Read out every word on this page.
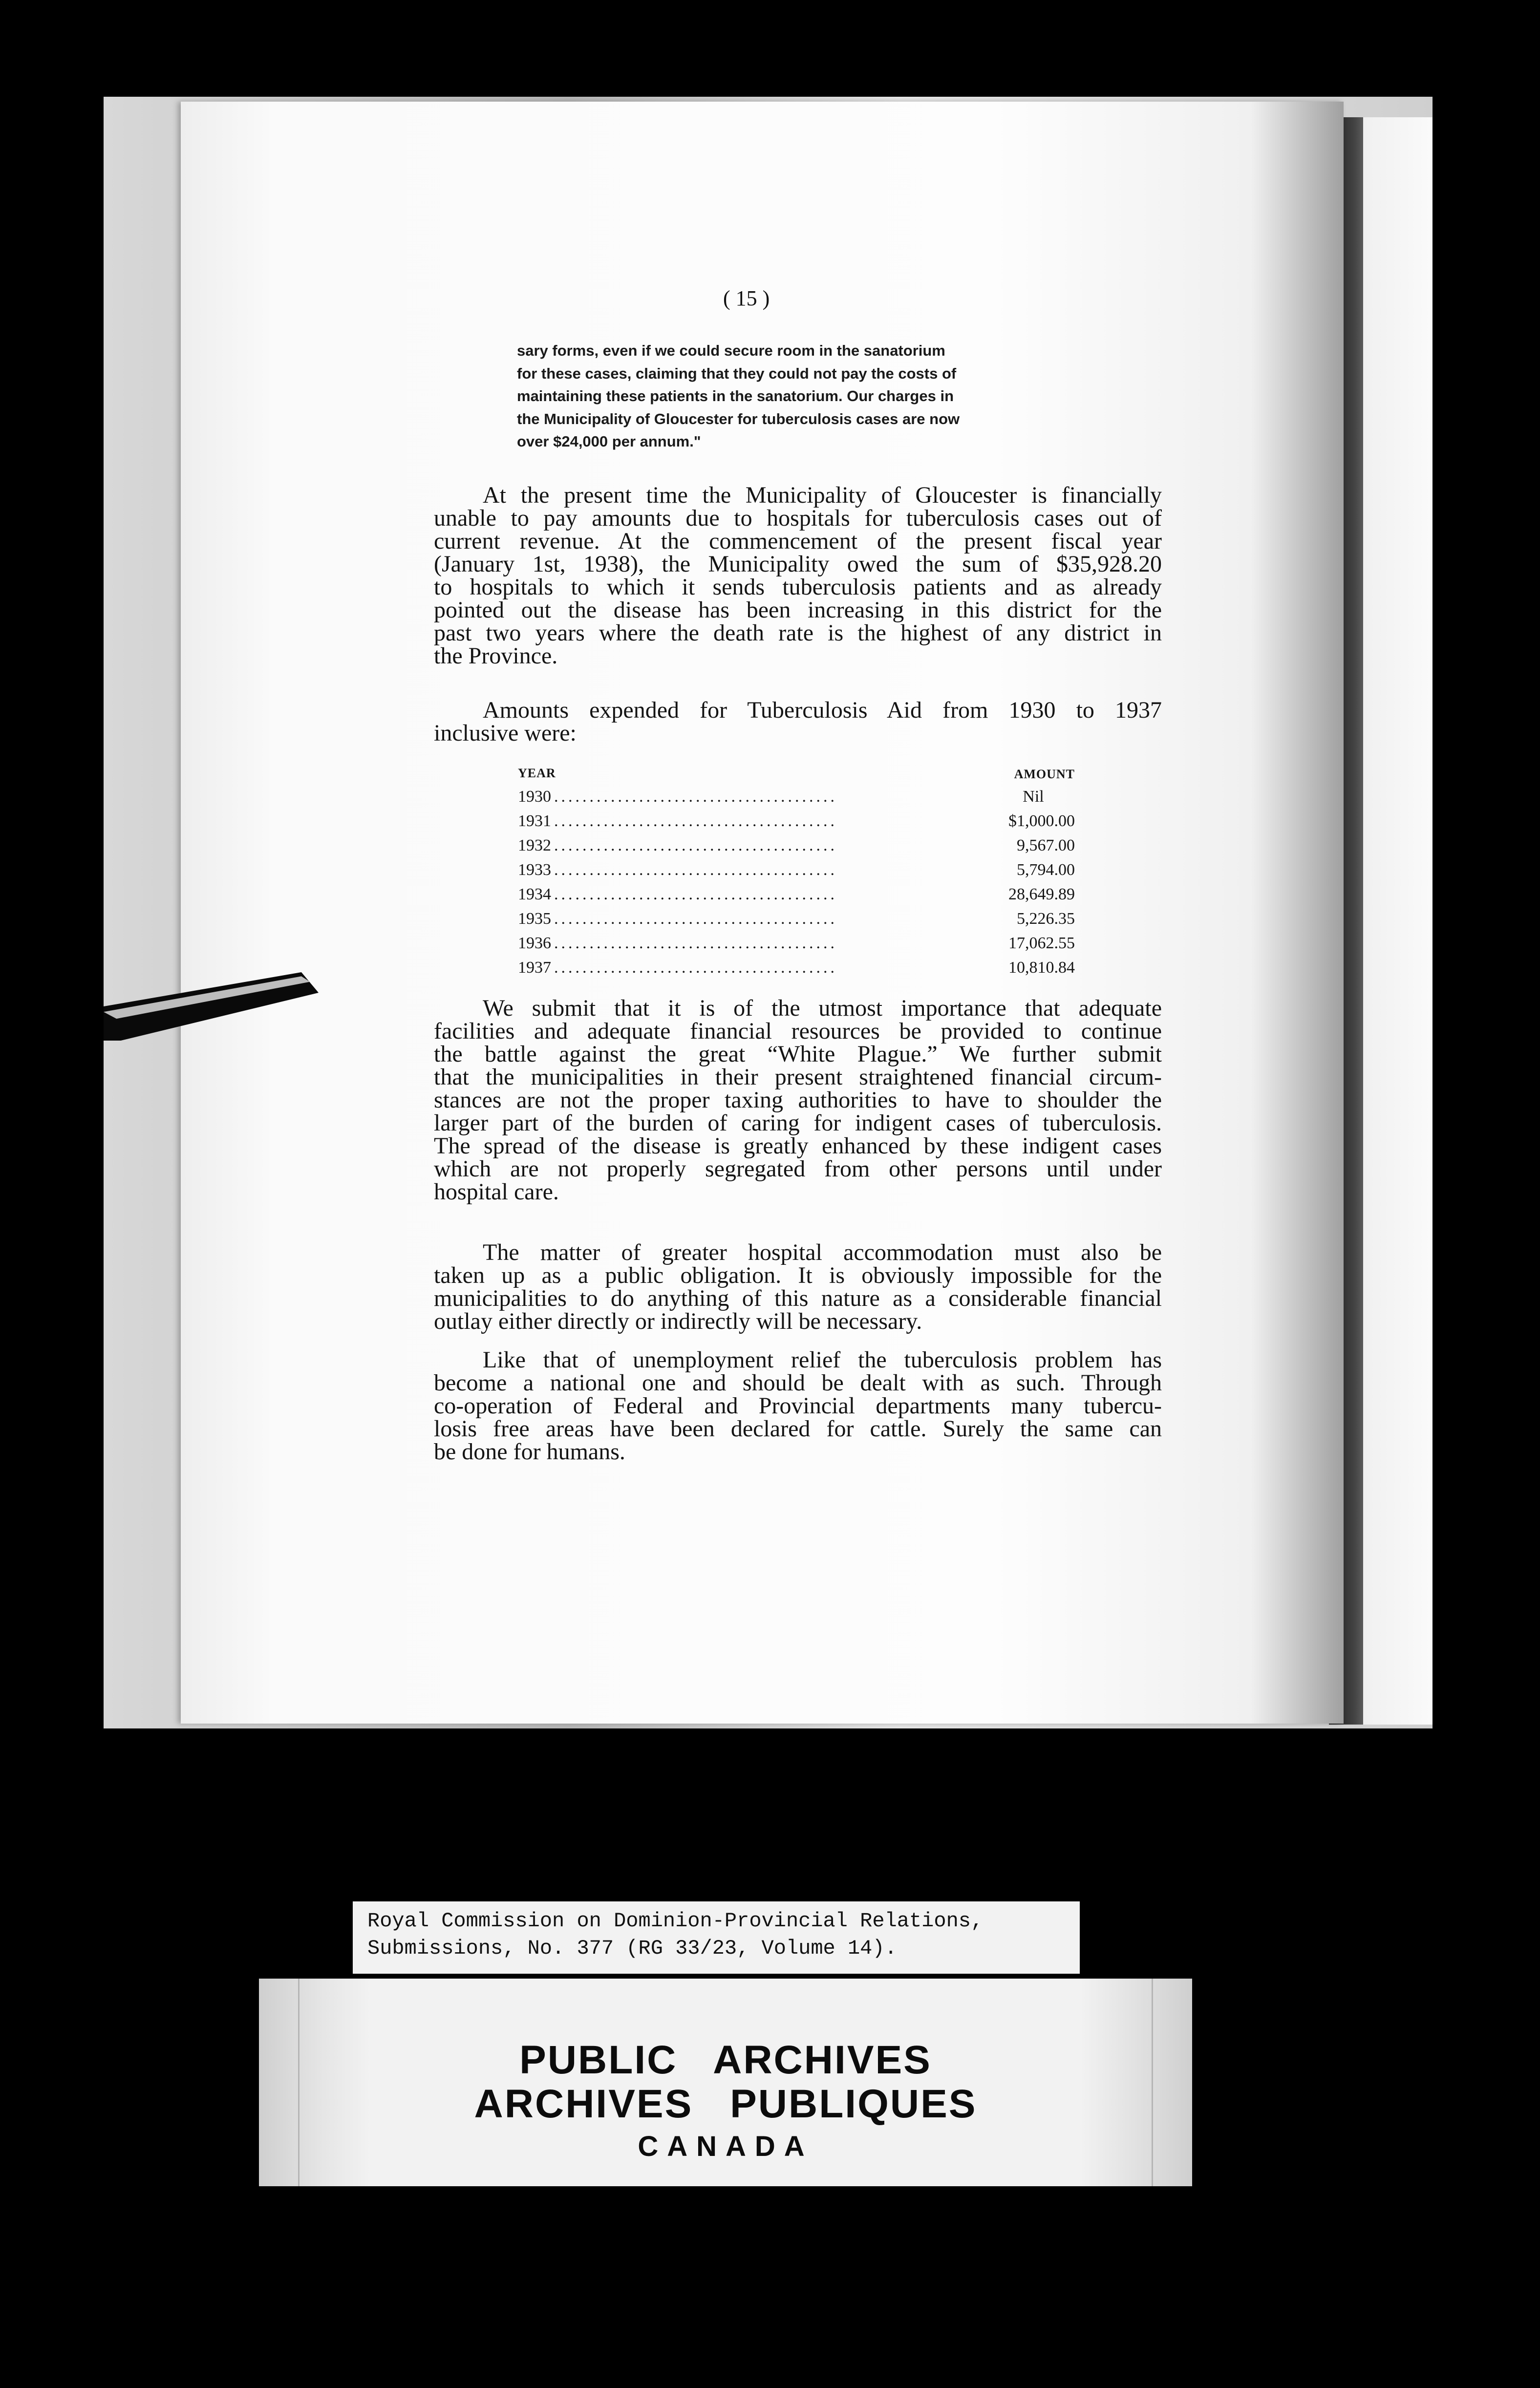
( 15 )
sary forms, even if we could secure room in the sanatorium
for these cases, claiming that they could not pay the costs of
maintaining these patients in the sanatorium. Our charges in
the Municipality of Gloucester for tuberculosis cases are now
over $24,000 per annum."
At the present time the Municipality of Gloucester is financially
unable to pay amounts due to hospitals for tuberculosis cases out of
current revenue. At the commencement of the present fiscal year
(January 1st, 1938), the Municipality owed the sum of $35,928.20
to hospitals to which it sends tuberculosis patients and as already
pointed out the disease has been increasing in this district for the
past two years where the death rate is the highest of any district in
the Province.
Amounts expended for Tuberculosis Aid from 1930 to 1937
inclusive were:
YEAR	AMOUNT
1930 ........................................	Nil
1931 ........................................	$1,000.00
1932 ........................................	9,567.00
1933 ........................................	5,794.00
1934 ........................................	28,649.89
1935 ........................................	5,226.35
1936 ........................................	17,062.55
1937 ........................................	10,810.84
We submit that it is of the utmost importance that adequate
facilities and adequate financial resources be provided to continue
the battle against the great “White Plague.” We further submit
that the municipalities in their present straightened financial circum-
stances are not the proper taxing authorities to have to shoulder the
larger part of the burden of caring for indigent cases of tuberculosis.
The spread of the disease is greatly enhanced by these indigent cases
which are not properly segregated from other persons until under
hospital care.
The matter of greater hospital accommodation must also be
taken up as a public obligation. It is obviously impossible for the
municipalities to do anything of this nature as a considerable financial
outlay either directly or indirectly will be necessary.
Like that of unemployment relief the tuberculosis problem has
become a national one and should be dealt with as such. Through
co-operation of Federal and Provincial departments many tubercu-
losis free areas have been declared for cattle. Surely the same can
be done for humans.
Royal Commission on Dominion-Provincial Relations,
Submissions, No. 377 (RG 33/23, Volume 14).
PUBLIC ARCHIVES
ARCHIVES PUBLIQUES
CANADA
